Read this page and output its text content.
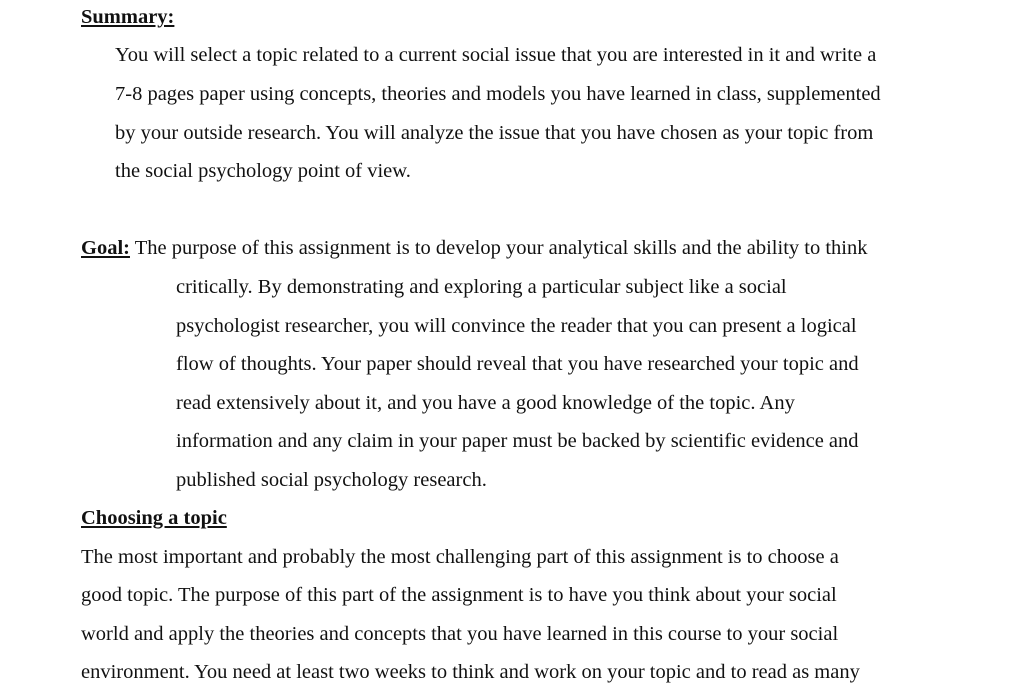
Summary:
You will select a topic related to a current social issue that you are interested in it and write a
7-8 pages paper using concepts, theories and models you have learned in class, supplemented
by your outside research. You will analyze the issue that you have chosen as your topic from
the social psychology point of view.
Goal: The purpose of this assignment is to develop your analytical skills and the ability to think
critically. By demonstrating and exploring a particular subject like a social
psychologist researcher, you will convince the reader that you can present a logical
flow of thoughts. Your paper should reveal that you have researched your topic and
read extensively about it, and you have a good knowledge of the topic. Any
information and any claim in your paper must be backed by scientific evidence and
published social psychology research.
Choosing a topic
The most important and probably the most challenging part of this assignment is to choose a
good topic. The purpose of this part of the assignment is to have you think about your social
world and apply the theories and concepts that you have learned in this course to your social
environment. You need at least two weeks to think and work on your topic and to read as many
